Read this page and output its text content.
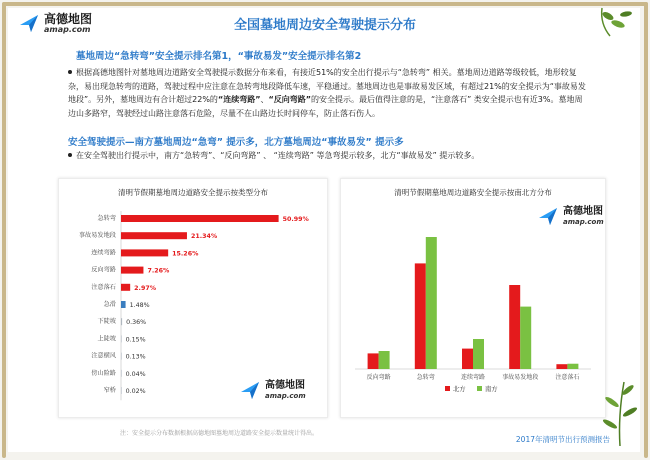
高德地图
amap.com	全国墓地周边安全驾驶提示分布
墓地周边“急转弯”安全提示排名第1，“事故易发”安全提示排名第2
根据高德地图针对墓地周边道路安全驾驶提示数据分布来看，有接近51%的安全出行提示与“急转弯” 相关。墓地周边道路等级较低，地形较复杂，易出现急转弯的道路，驾驶过程中应注意在急转弯地段降低车速，平稳通过。墓地周边也是事故易发区域，有超过21%的安全提示为“事故易发地段”。另外，墓地周边有合计超过22%的“连续弯路”、“反向弯路”的安全提示。最后值得注意的是，“注意落石” 类安全提示也有近3%。墓地周边山多路窄，驾驶经过山路注意落石危险，尽量不在山路边长时间停车，防止落石伤人。
安全驾驶提示—南方墓地周边“急弯” 提示多，北方墓地周边“事故易发” 提示多
在安全驾驶出行提示中，南方“急转弯”、“反向弯路” 、 “连续弯路” 等急弯提示较多，北方“事故易发” 提示较多。
清明节假期墓地周边道路安全提示按类型分布
急转弯	50.99%
事故易发地段	21.34%
连续弯路	15.26%
反向弯路	7.26%
注意落石	2.97%
急滑 1.48%
下陡坡 0.36%
上陡坡 0.15%
注意横风 0.13%
傍山险路 0.04%
窄桥 0.02%
高德地图
amap.com
清明节假期墓地周边道路安全提示按南北方分布
反向弯路	急转弯	连续弯路	事故易发地段	注意落石
北方	南方
高德地图
amap.com
注：安全提示分布数据根据高德地图墓地周边道路安全提示数量统计得出。
2017年清明节出行预测报告
